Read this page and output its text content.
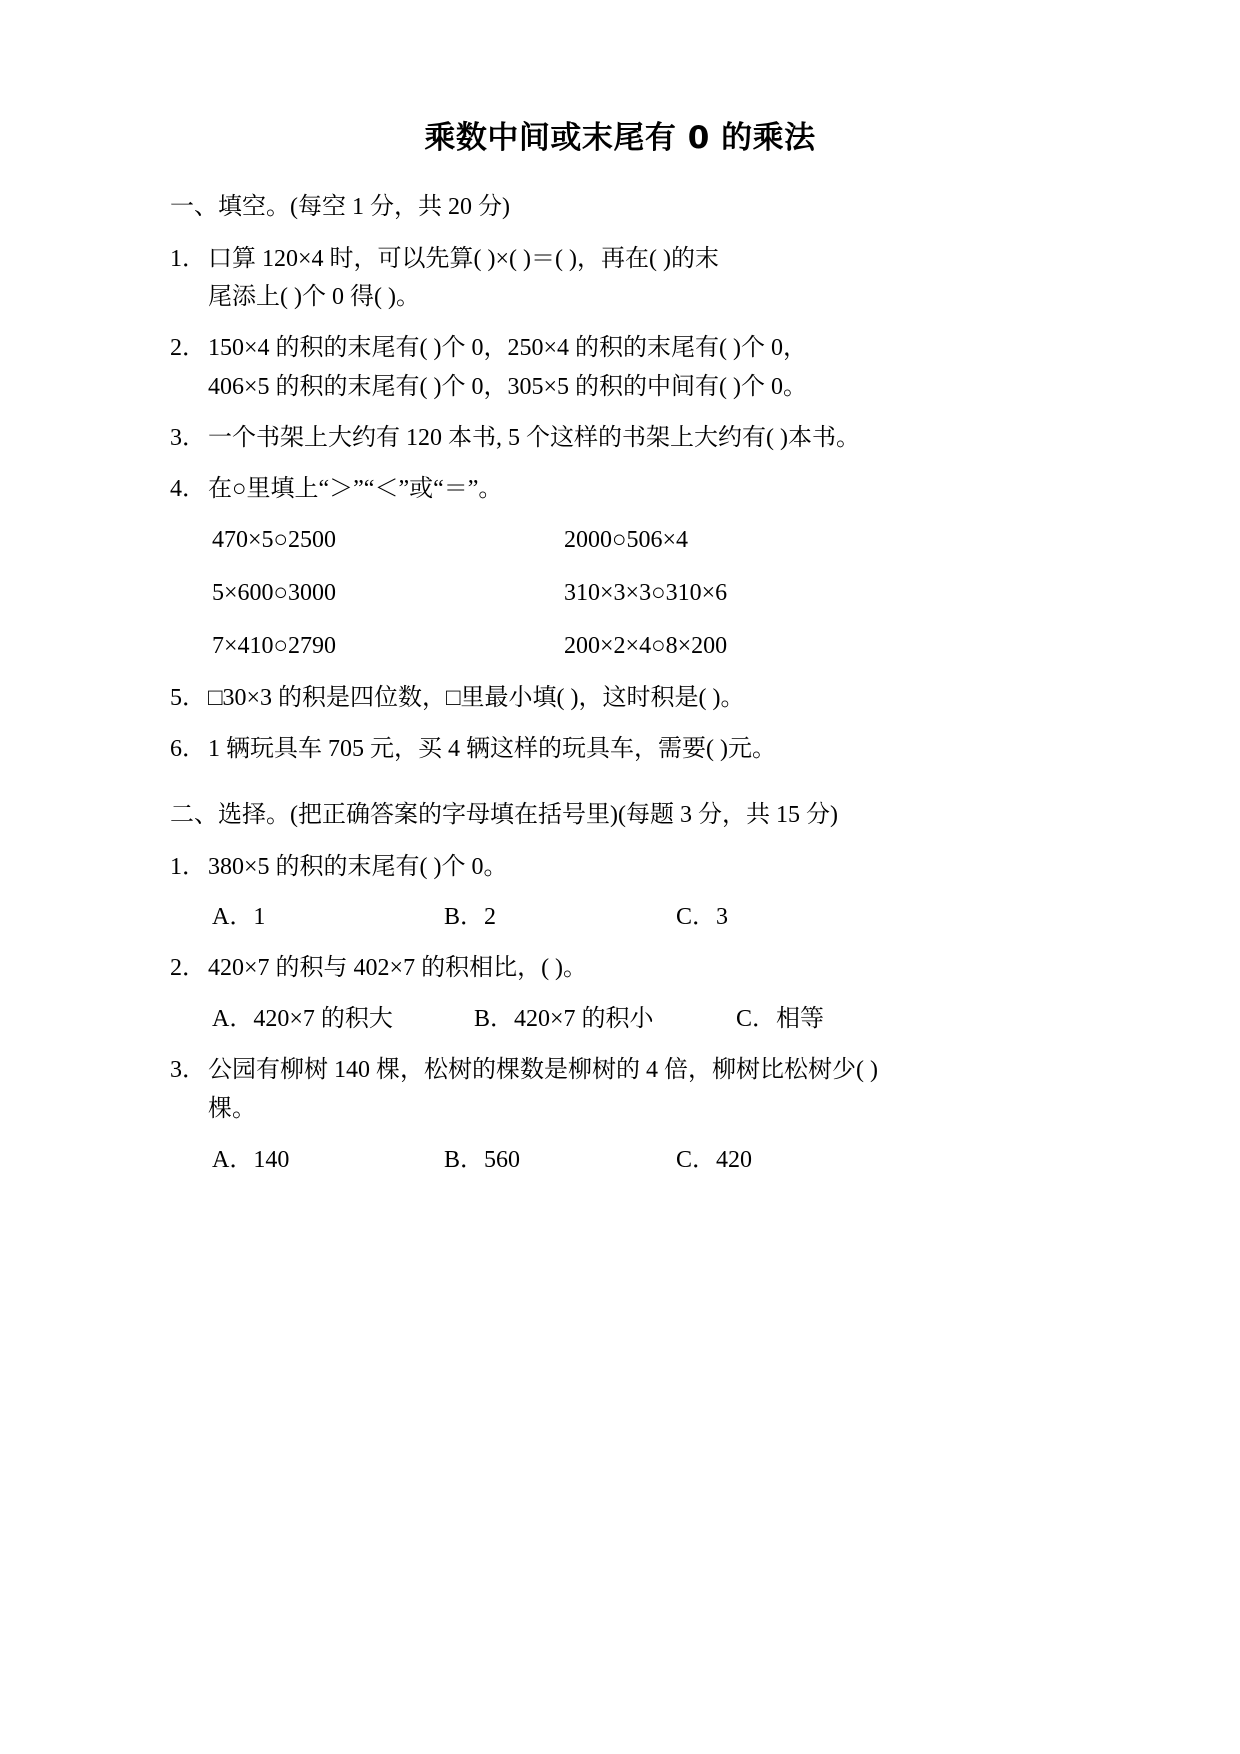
乘数中间或末尾有 0 的乘法
一、填空。(每空 1 分，共 20 分)
1．口算 120×4 时，可以先算( )×( )＝( )，再在( )的末
尾添上( )个 0 得( )。
2．150×4 的积的末尾有( )个 0，250×4 的积的末尾有( )个 0，
406×5 的积的末尾有( )个 0，305×5 的积的中间有( )个 0。
3．一个书架上大约有 120 本书, 5 个这样的书架上大约有( )本书。
4．在○里填上“＞”“＜”或“＝”。
470×5○2500	2000○506×4
5×600○3000	310×3×3○310×6
7×410○2790	200×2×4○8×200
5．□30×3 的积是四位数，□里最小填( )，这时积是( )。
6．1 辆玩具车 705 元，买 4 辆这样的玩具车，需要( )元。
二、选择。(把正确答案的字母填在括号里)(每题 3 分，共 15 分)
1．380×5 的积的末尾有( )个 0。
A．1	B．2	C．3
2．420×7 的积与 402×7 的积相比，( )。
A．420×7 的积大	B．420×7 的积小	C．相等
3．公园有柳树 140 棵，松树的棵数是柳树的 4 倍，柳树比松树少( )
棵。
A．140	B．560	C．420
